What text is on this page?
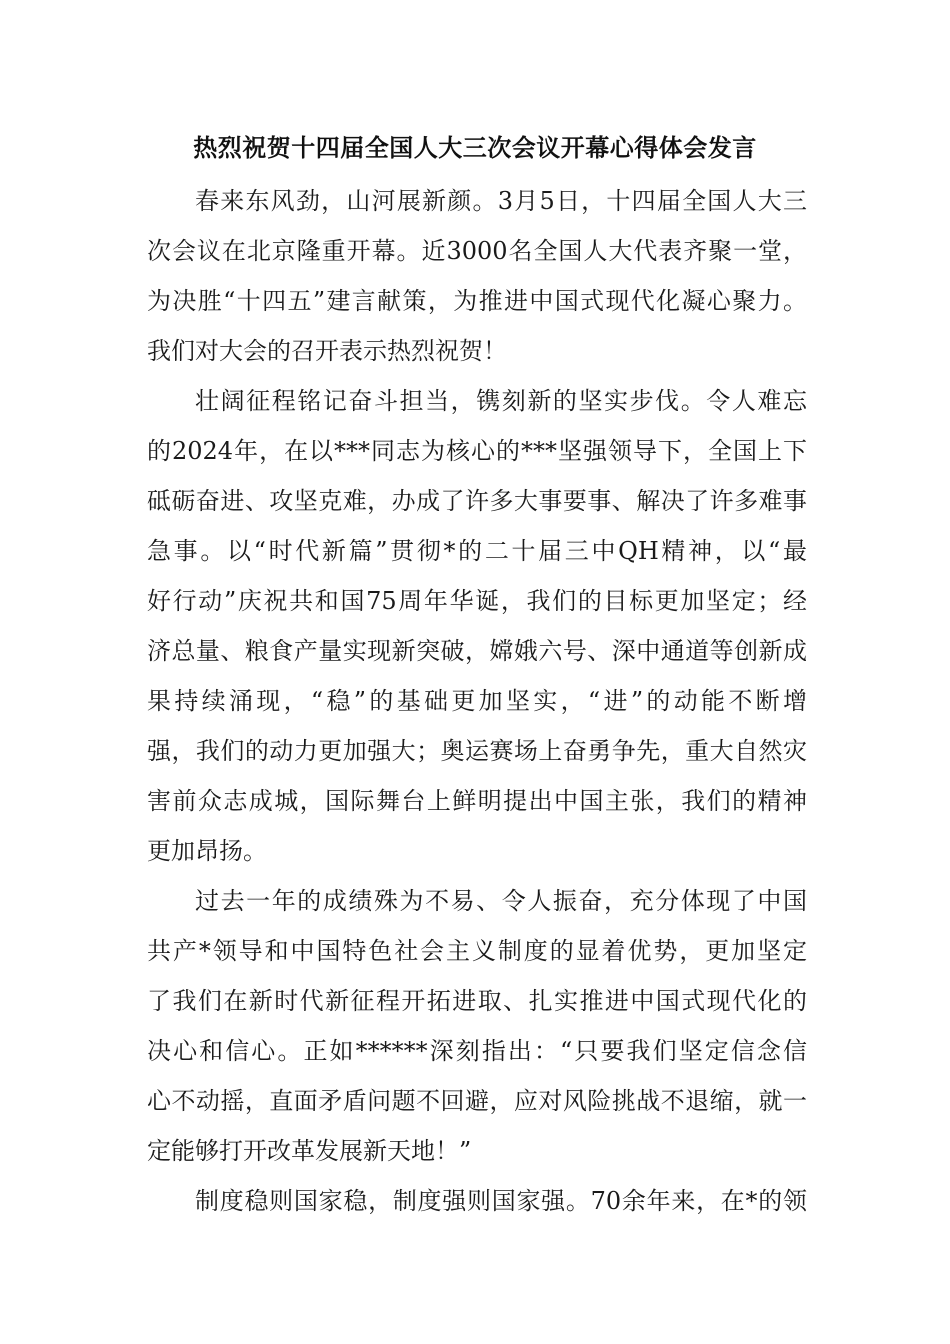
热烈祝贺十四届全国人大三次会议开幕心得体会发言
春来东风劲，山河展新颜。3月5日，十四届全国人大三
次会议在北京隆重开幕。近3000名全国人大代表齐聚一堂，
为决胜“十四五”建言献策，为推进中国式现代化凝心聚力。
我们对大会的召开表示热烈祝贺！
壮阔征程铭记奋斗担当，镌刻新的坚实步伐。令人难忘
的2024年，在以***同志为核心的***坚强领导下，全国上下
砥砺奋进、攻坚克难，办成了许多大事要事、解决了许多难事
急事。以“时代新篇”贯彻*的二十届三中QH精神，以“最
好行动”庆祝共和国75周年华诞，我们的目标更加坚定；经
济总量、粮食产量实现新突破，嫦娥六号、深中通道等创新成
果持续涌现，“稳”的基础更加坚实，“进”的动能不断增
强，我们的动力更加强大；奥运赛场上奋勇争先，重大自然灾
害前众志成城，国际舞台上鲜明提出中国主张，我们的精神
更加昂扬。
过去一年的成绩殊为不易、令人振奋，充分体现了中国
共产*领导和中国特色社会主义制度的显着优势，更加坚定
了我们在新时代新征程开拓进取、扎实推进中国式现代化的
决心和信心。正如******深刻指出：“只要我们坚定信念信
心不动摇，直面矛盾问题不回避，应对风险挑战不退缩，就一
定能够打开改革发展新天地！”
制度稳则国家稳，制度强则国家强。70余年来，在*的领
